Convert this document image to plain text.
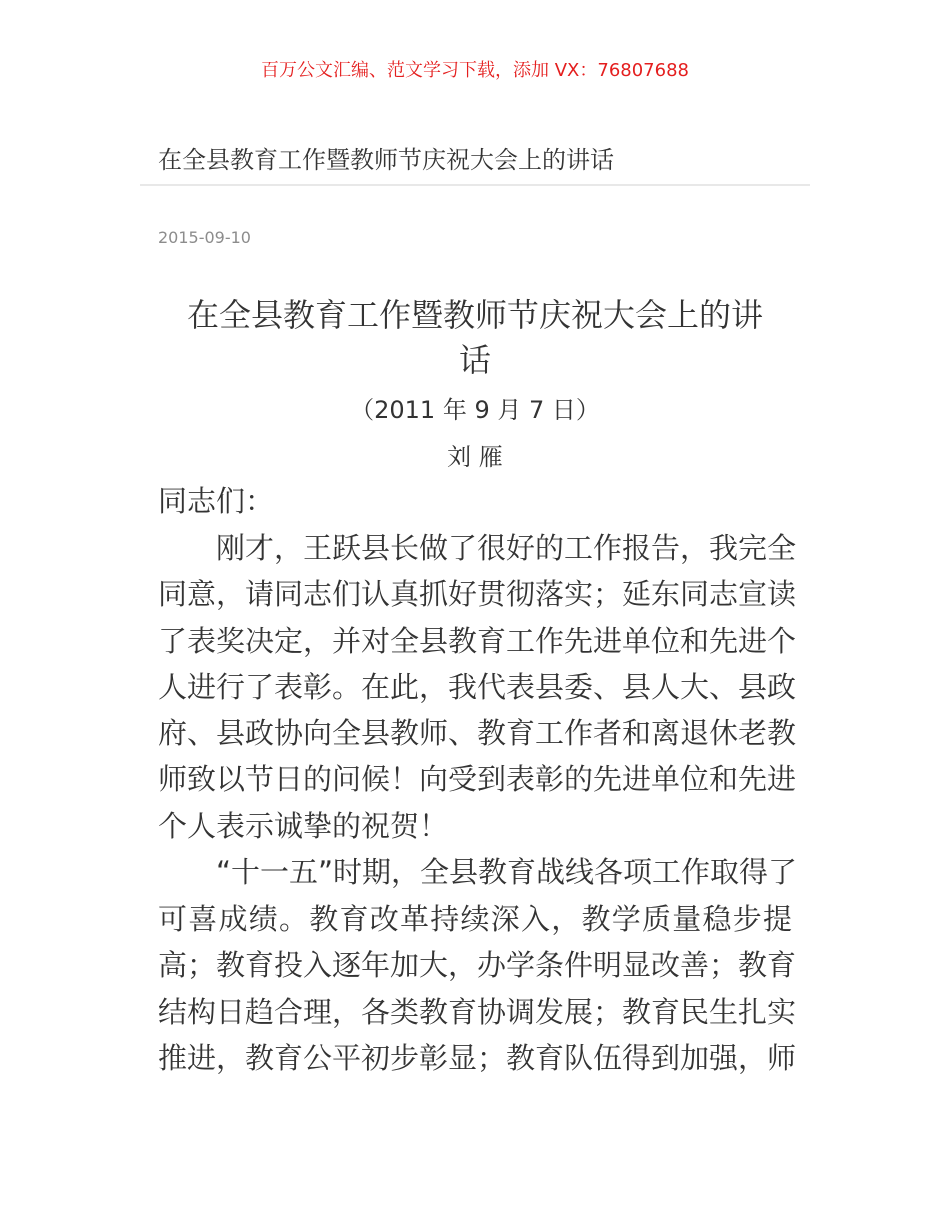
百万公文汇编、范文学习下载，添加 VX：76807688
在全县教育工作暨教师节庆祝大会上的讲话
2015-09-10
在全县教育工作暨教师节庆祝大会上的讲
话
（2011 年 9 月 7 日）
刘 雁
同志们：
刚才，王跃县长做了很好的工作报告，我完全
同意，请同志们认真抓好贯彻落实；延东同志宣读
了表奖决定，并对全县教育工作先进单位和先进个
人进行了表彰。在此，我代表县委、县人大、县政
府、县政协向全县教师、教育工作者和离退休老教
师致以节日的问候！向受到表彰的先进单位和先进
个人表示诚挚的祝贺！
“十一五”时期，全县教育战线各项工作取得了
可喜成绩。教育改革持续深入，教学质量稳步提
高；教育投入逐年加大，办学条件明显改善；教育
结构日趋合理，各类教育协调发展；教育民生扎实
推进，教育公平初步彰显；教育队伍得到加强，师
